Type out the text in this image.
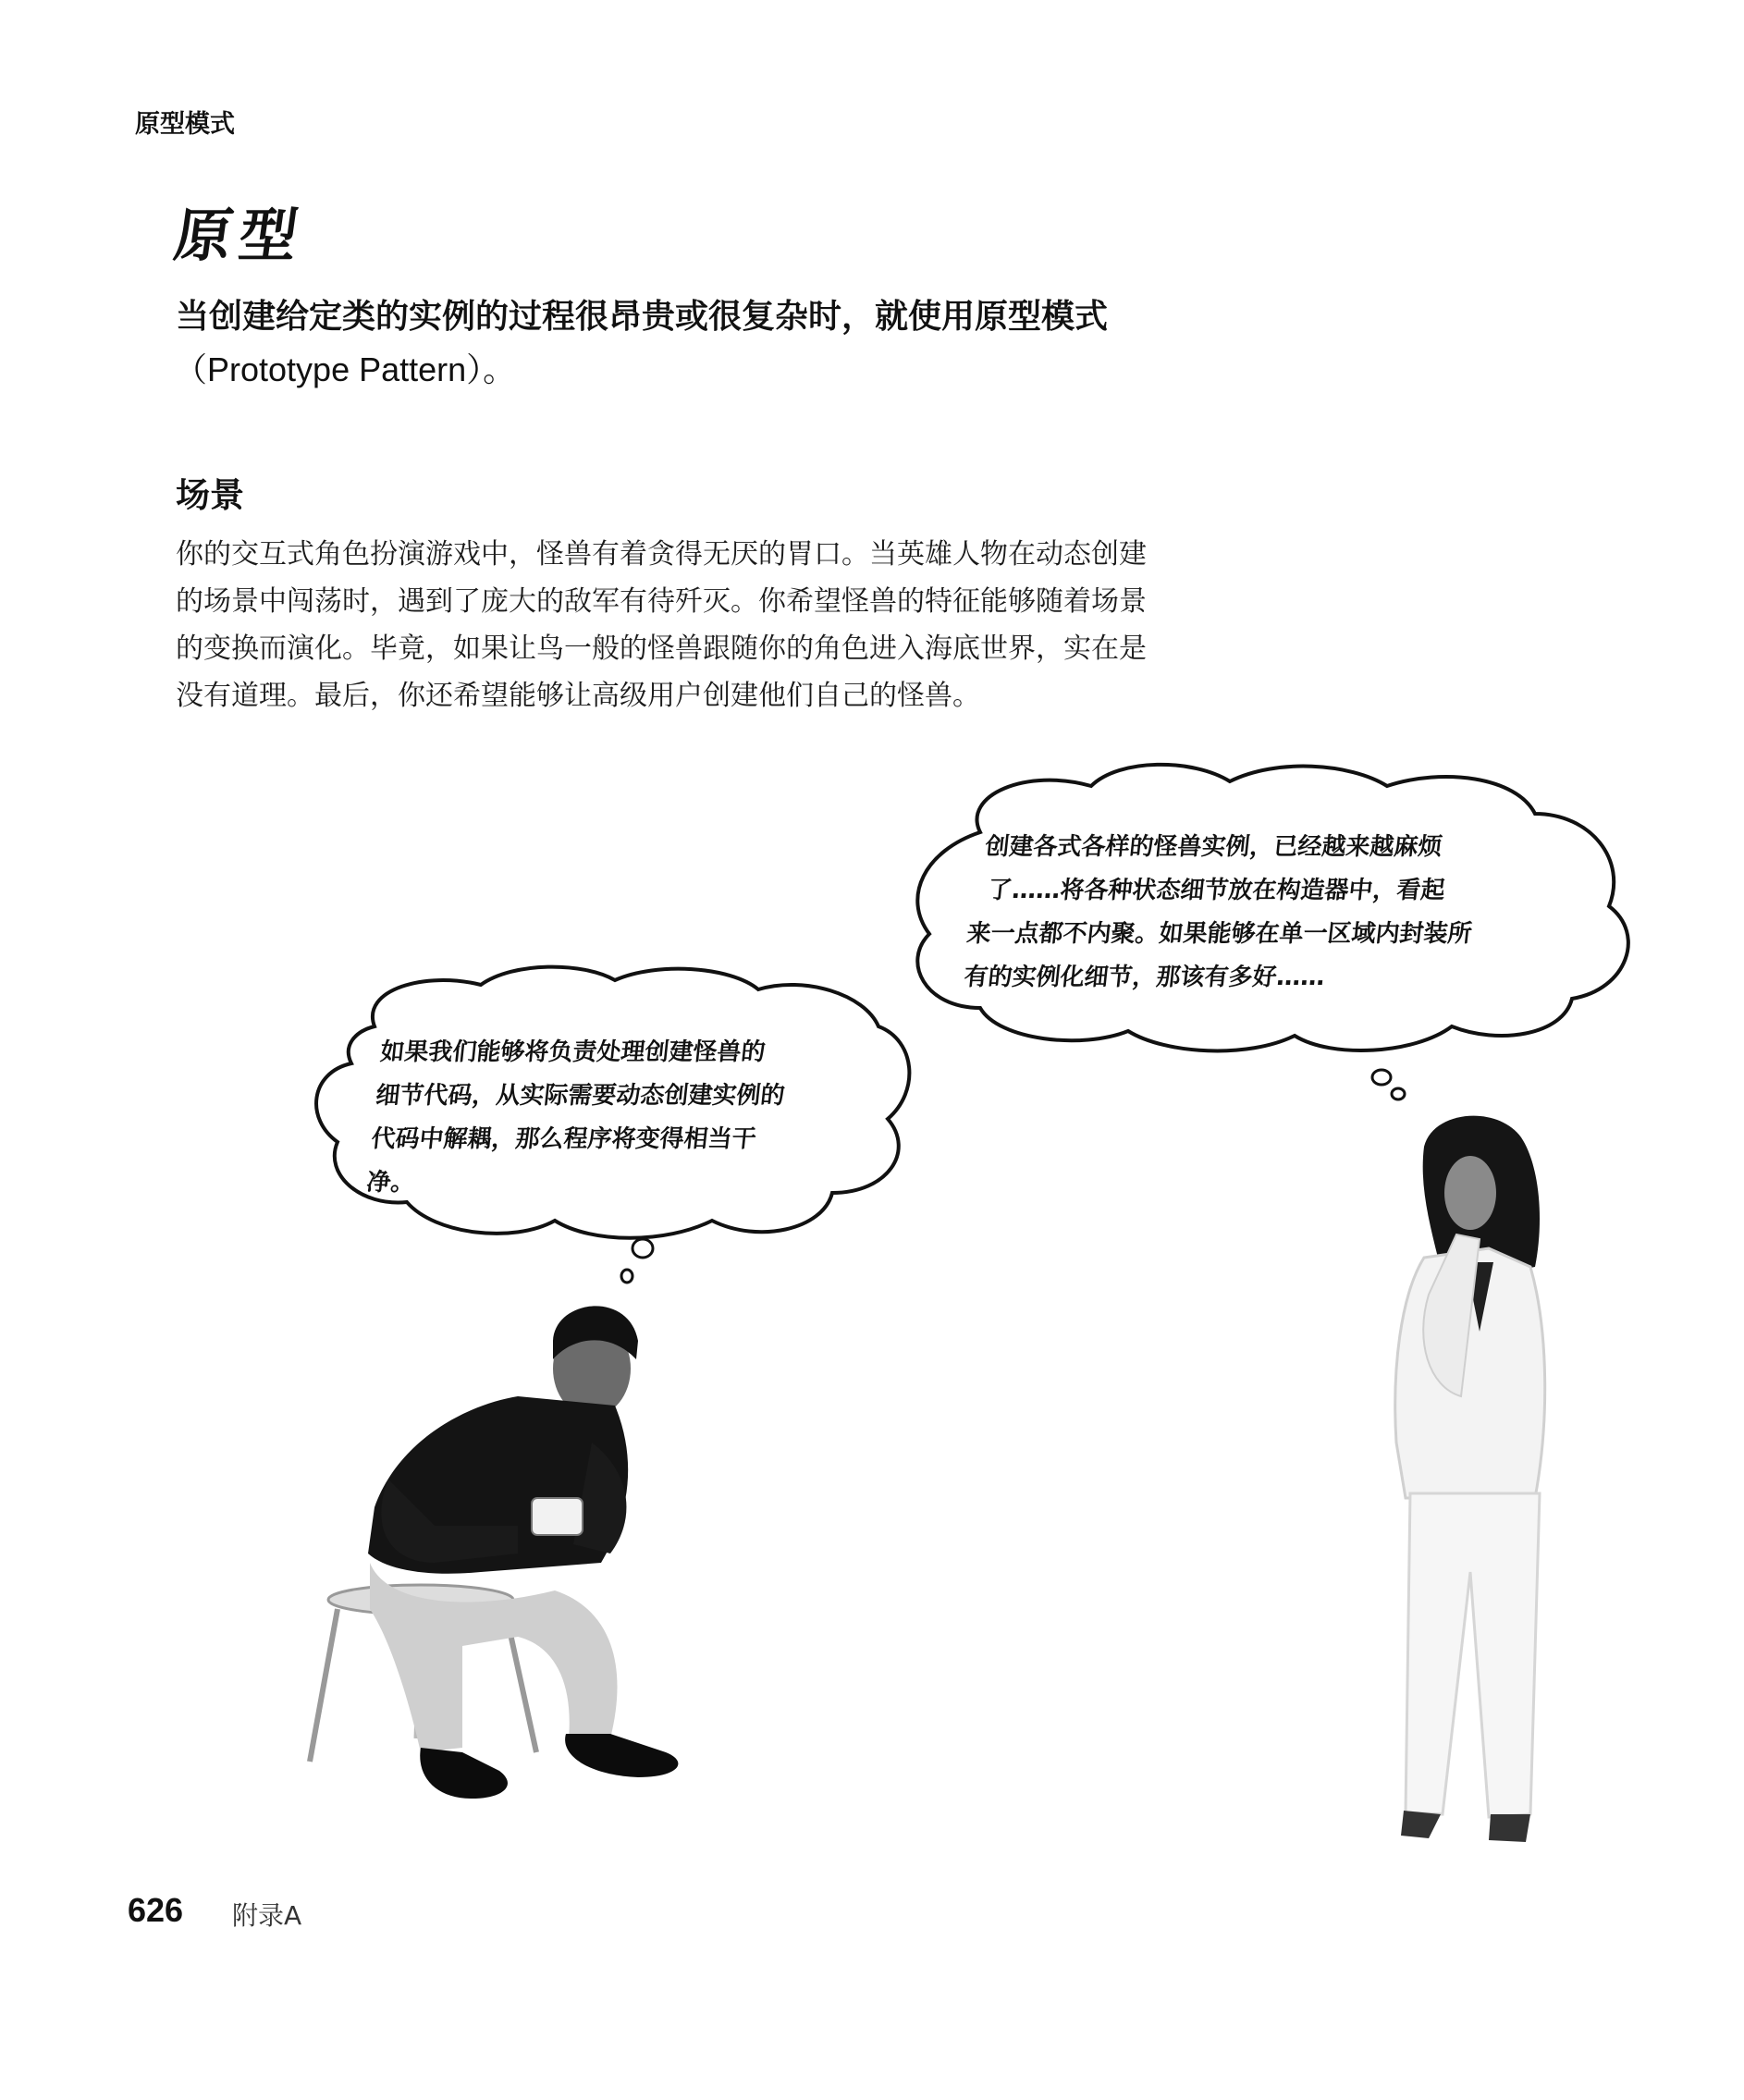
原型模式
原型
当创建给定类的实例的过程很昂贵或很复杂时，就使用原型模式
（Prototype Pattern）。
场景
你的交互式角色扮演游戏中，怪兽有着贪得无厌的胃口。当英雄人物在动态创建
的场景中闯荡时，遇到了庞大的敌军有待歼灭。你希望怪兽的特征能够随着场景
的变换而演化。毕竟，如果让鸟一般的怪兽跟随你的角色进入海底世界，实在是
没有道理。最后，你还希望能够让高级用户创建他们自己的怪兽。
创建各式各样的怪兽实例，已经越来越麻烦
了……将各种状态细节放在构造器中，看起
来一点都不内聚。如果能够在单一区域内封装所
有的实例化细节，那该有多好……
如果我们能够将负责处理创建怪兽的
细节代码，从实际需要动态创建实例的
代码中解耦，那么程序将变得相当干
净。
626 附录A
